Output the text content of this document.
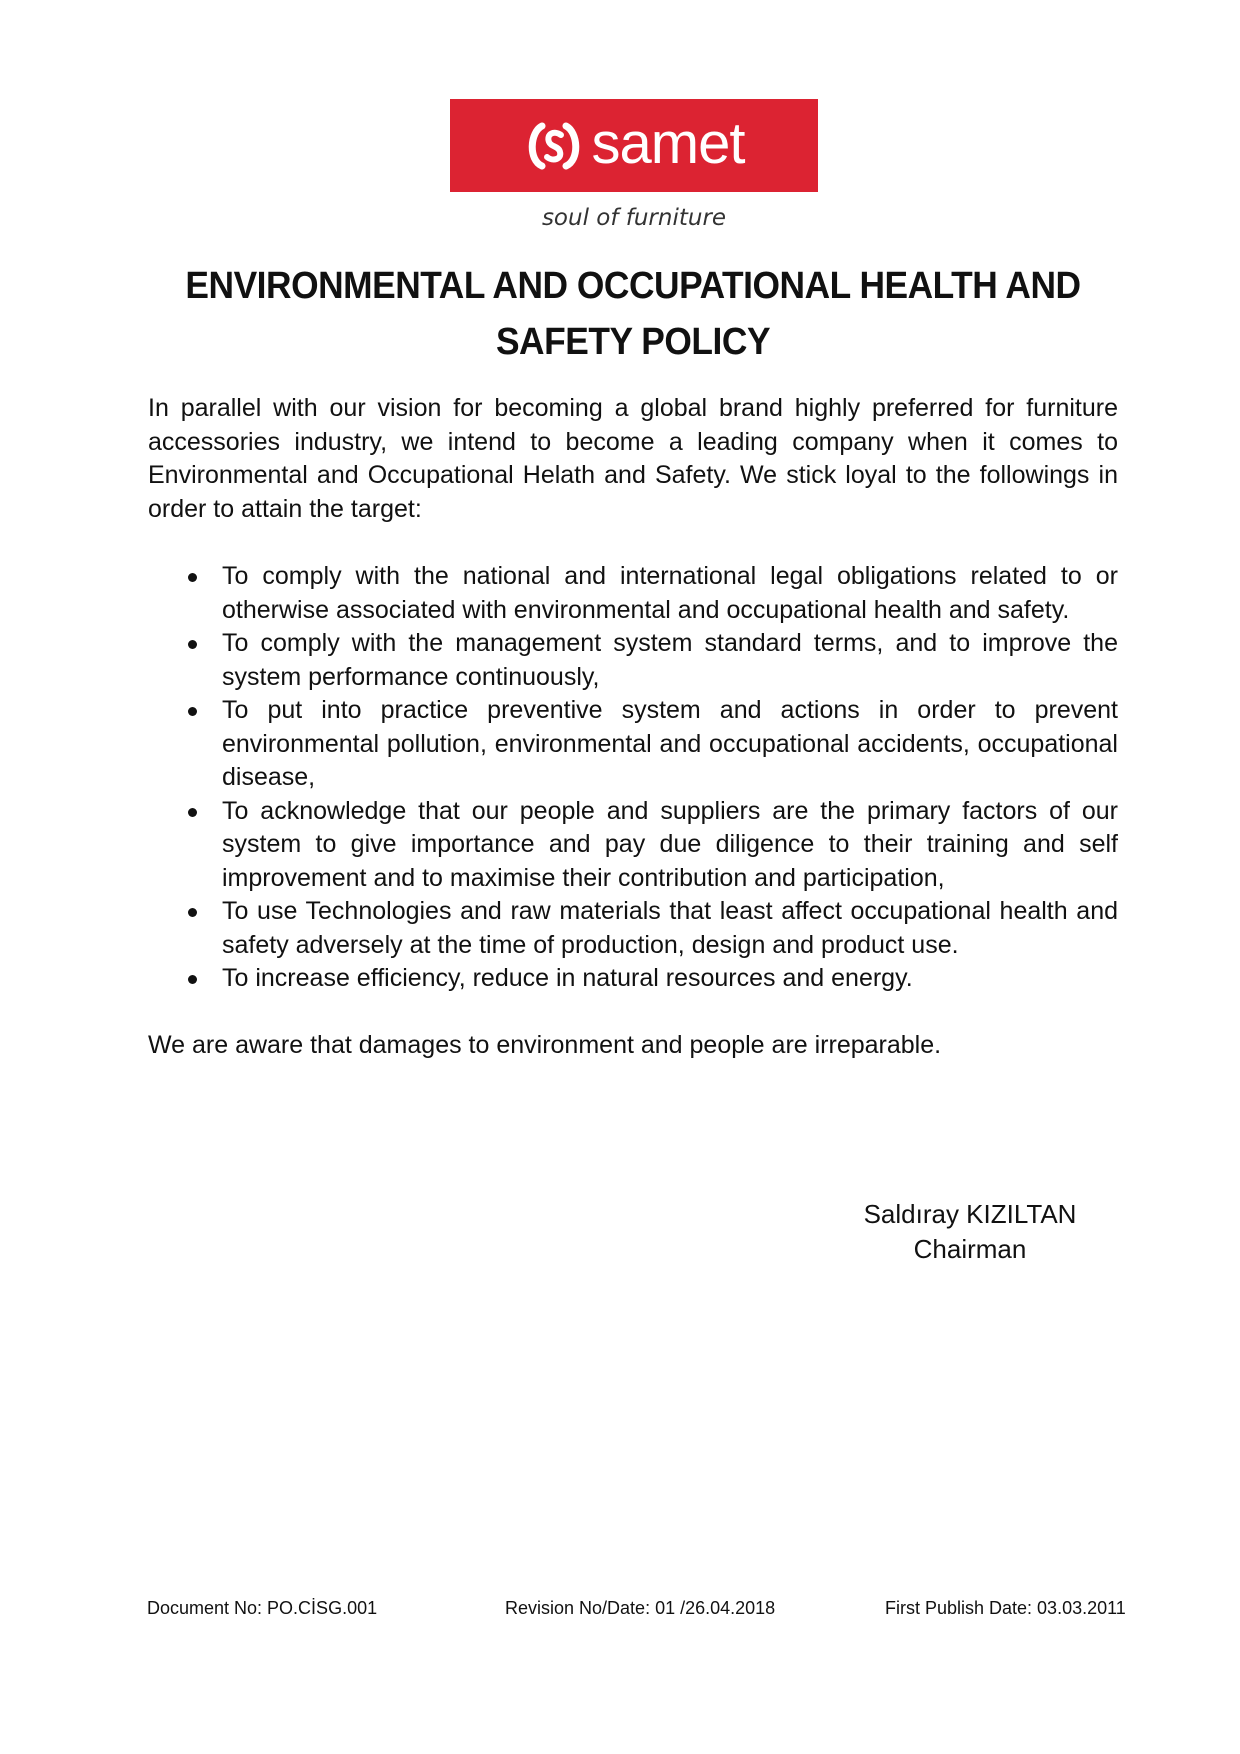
samet
soul of furniture
ENVIRONMENTAL AND OCCUPATIONAL HEALTH AND SAFETY POLICY

In parallel with our vision for becoming a global brand highly preferred for furniture accessories industry, we intend to become a leading company when it comes to Environmental and Occupational Helath and Safety. We stick loyal to the followings in order to attain the target:

To comply with the national and international legal obligations related to or otherwise associated with environmental and occupational health and safety.
To comply with the management system standard terms, and to improve the system performance continuously,
To put into practice preventive system and actions in order to prevent environmental pollution, environmental and occupational accidents, occupational disease,
To acknowledge that our people and suppliers are the primary factors of our system to give importance and pay due diligence to their training and self improvement and to maximise their contribution and participation,
To use Technologies and raw materials that least affect occupational health and safety adversely at the time of production, design and product use.
To increase efficiency, reduce in natural resources and energy.

We are aware that damages to environment and people are irreparable.

Saldıray KIZILTAN
Chairman
Document No: PO.CİSG.001	Revision No/Date: 01 /26.04.2018	First Publish Date: 03.03.2011
